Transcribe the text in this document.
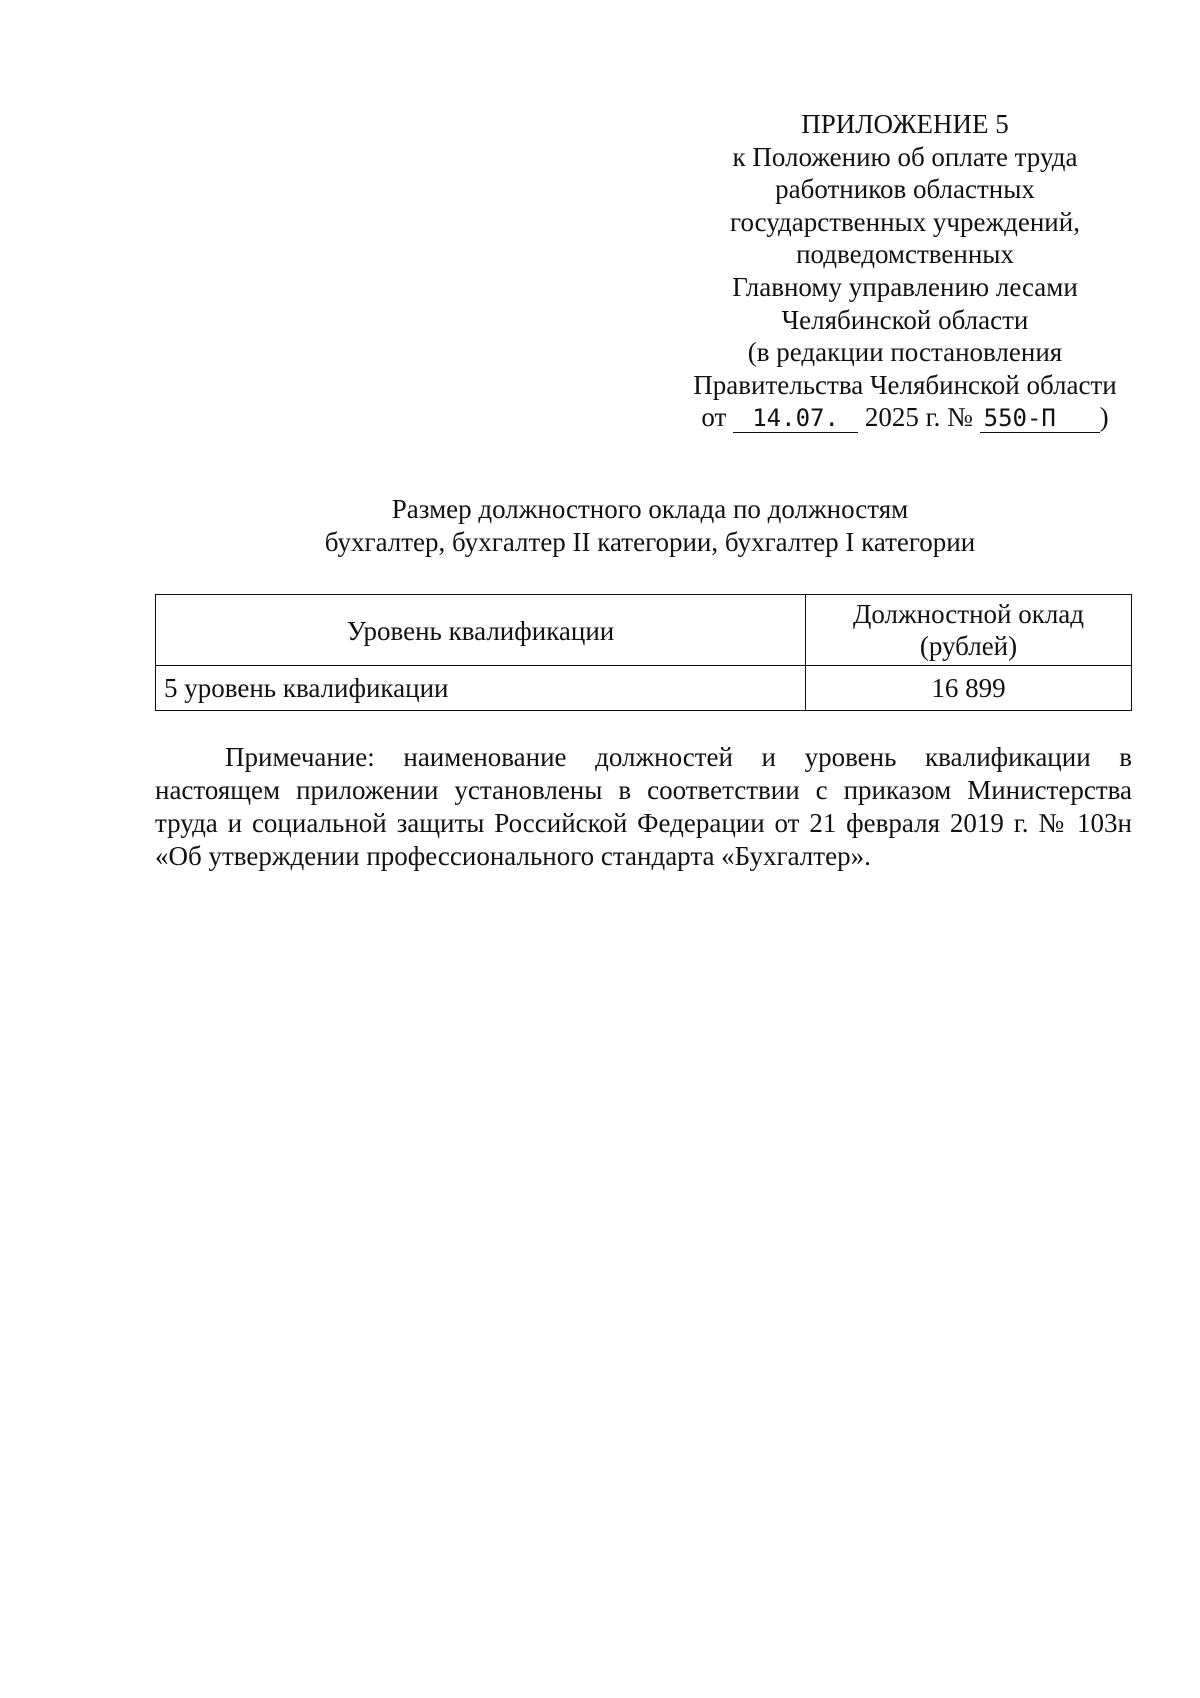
ПРИЛОЖЕНИЕ 5
к Положению об оплате труда
работников областных
государственных учреждений,
подведомственных
Главному управлению лесами
Челябинской области
(в редакции постановления
Правительства Челябинской области
от 14.07. 2025 г. № 550-П )
Размер должностного оклада по должностям
бухгалтер, бухгалтер II категории, бухгалтер I категории
Уровень квалификации	Должностной оклад
(рублей)

5 уровень квалификации	16 899
Примечание: наименование должностей и уровень квалификации в настоящем приложении установлены в соответствии с приказом Министерства труда и социальной защиты Российской Федерации от 21 февраля 2019 г. № 103н «Об утверждении профессионального стандарта «Бухгалтер».
